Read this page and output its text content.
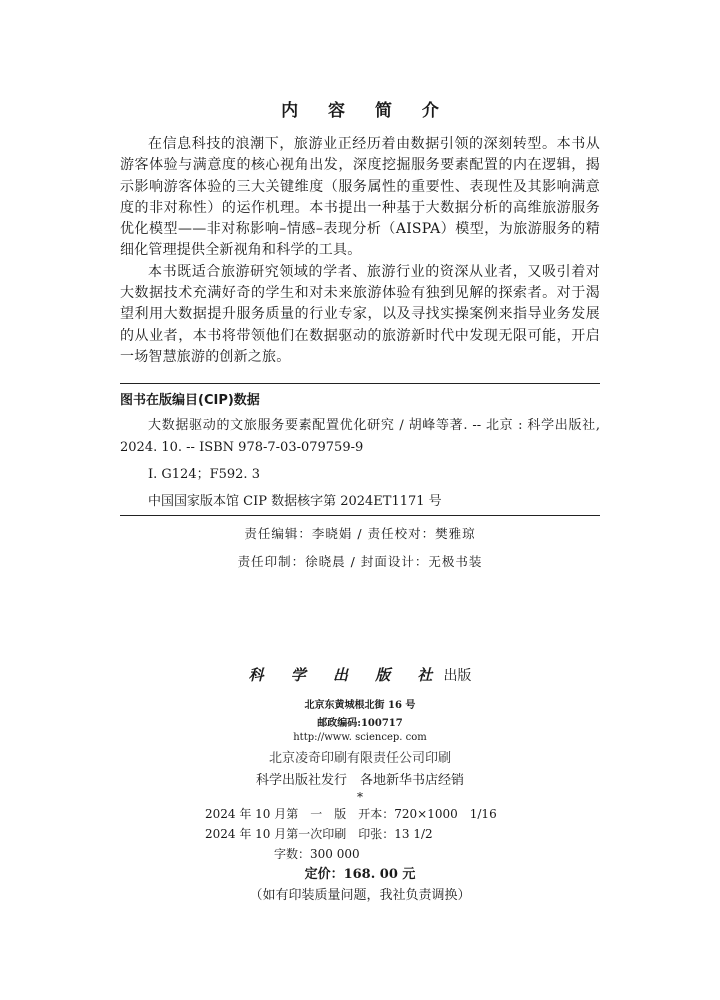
内 容 简 介

在信息科技的浪潮下，旅游业正经历着由数据引领的深刻转型。本书从游客体验与满意度的核心视角出发，深度挖掘服务要素配置的内在逻辑，揭示影响游客体验的三大关键维度（服务属性的重要性、表现性及其影响满意度的非对称性）的运作机理。本书提出一种基于大数据分析的高维旅游服务优化模型——非对称影响–情感–表现分析（AISPA）模型，为旅游服务的精细化管理提供全新视角和科学的工具。

本书既适合旅游研究领域的学者、旅游行业的资深从业者，又吸引着对大数据技术充满好奇的学生和对未来旅游体验有独到见解的探索者。对于渴望利用大数据提升服务质量的行业专家，以及寻找实操案例来指导业务发展的从业者，本书将带领他们在数据驱动的旅游新时代中发现无限可能，开启一场智慧旅游的创新之旅。

图书在版编目(CIP)数据
大数据驱动的文旅服务要素配置优化研究 / 胡峰等著. -- 北京 : 科学出版社, 2024. 10. -- ISBN 978-7-03-079759-9
Ⅰ. G124；F592. 3
中国国家版本馆 CIP 数据核字第 2024ET1171 号
责任编辑：李晓娟 / 责任校对：樊雅琼
责任印制：徐晓晨 / 封面设计：无极书装
科 学 出 版 社出版
北京东黄城根北街 16 号
邮政编码:100717
http://www. sciencep. com
北京凌奇印刷有限责任公司印刷
科学出版社发行　各地新华书店经销
*
2024 年 10 月第　一　版　开本：720×1000　1/16
2024 年 10 月第一次印刷　印张：13 1/2
字数：300 000
定价：168. 00 元
（如有印装质量问题，我社负责调换）
